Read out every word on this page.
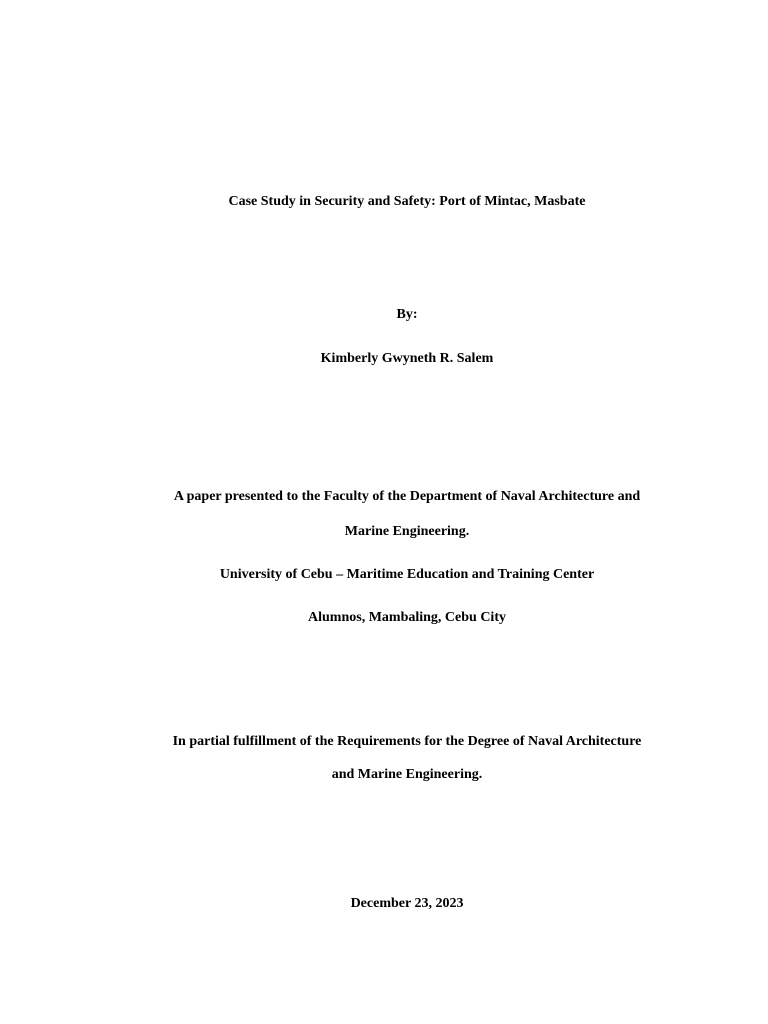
Case Study in Security and Safety: Port of Mintac, Masbate
By:
Kimberly Gwyneth R. Salem
A paper presented to the Faculty of the Department of Naval Architecture and
Marine Engineering.
University of Cebu – Maritime Education and Training Center
Alumnos, Mambaling, Cebu City
In partial fulfillment of the Requirements for the Degree of Naval Architecture
and Marine Engineering.
December 23, 2023
